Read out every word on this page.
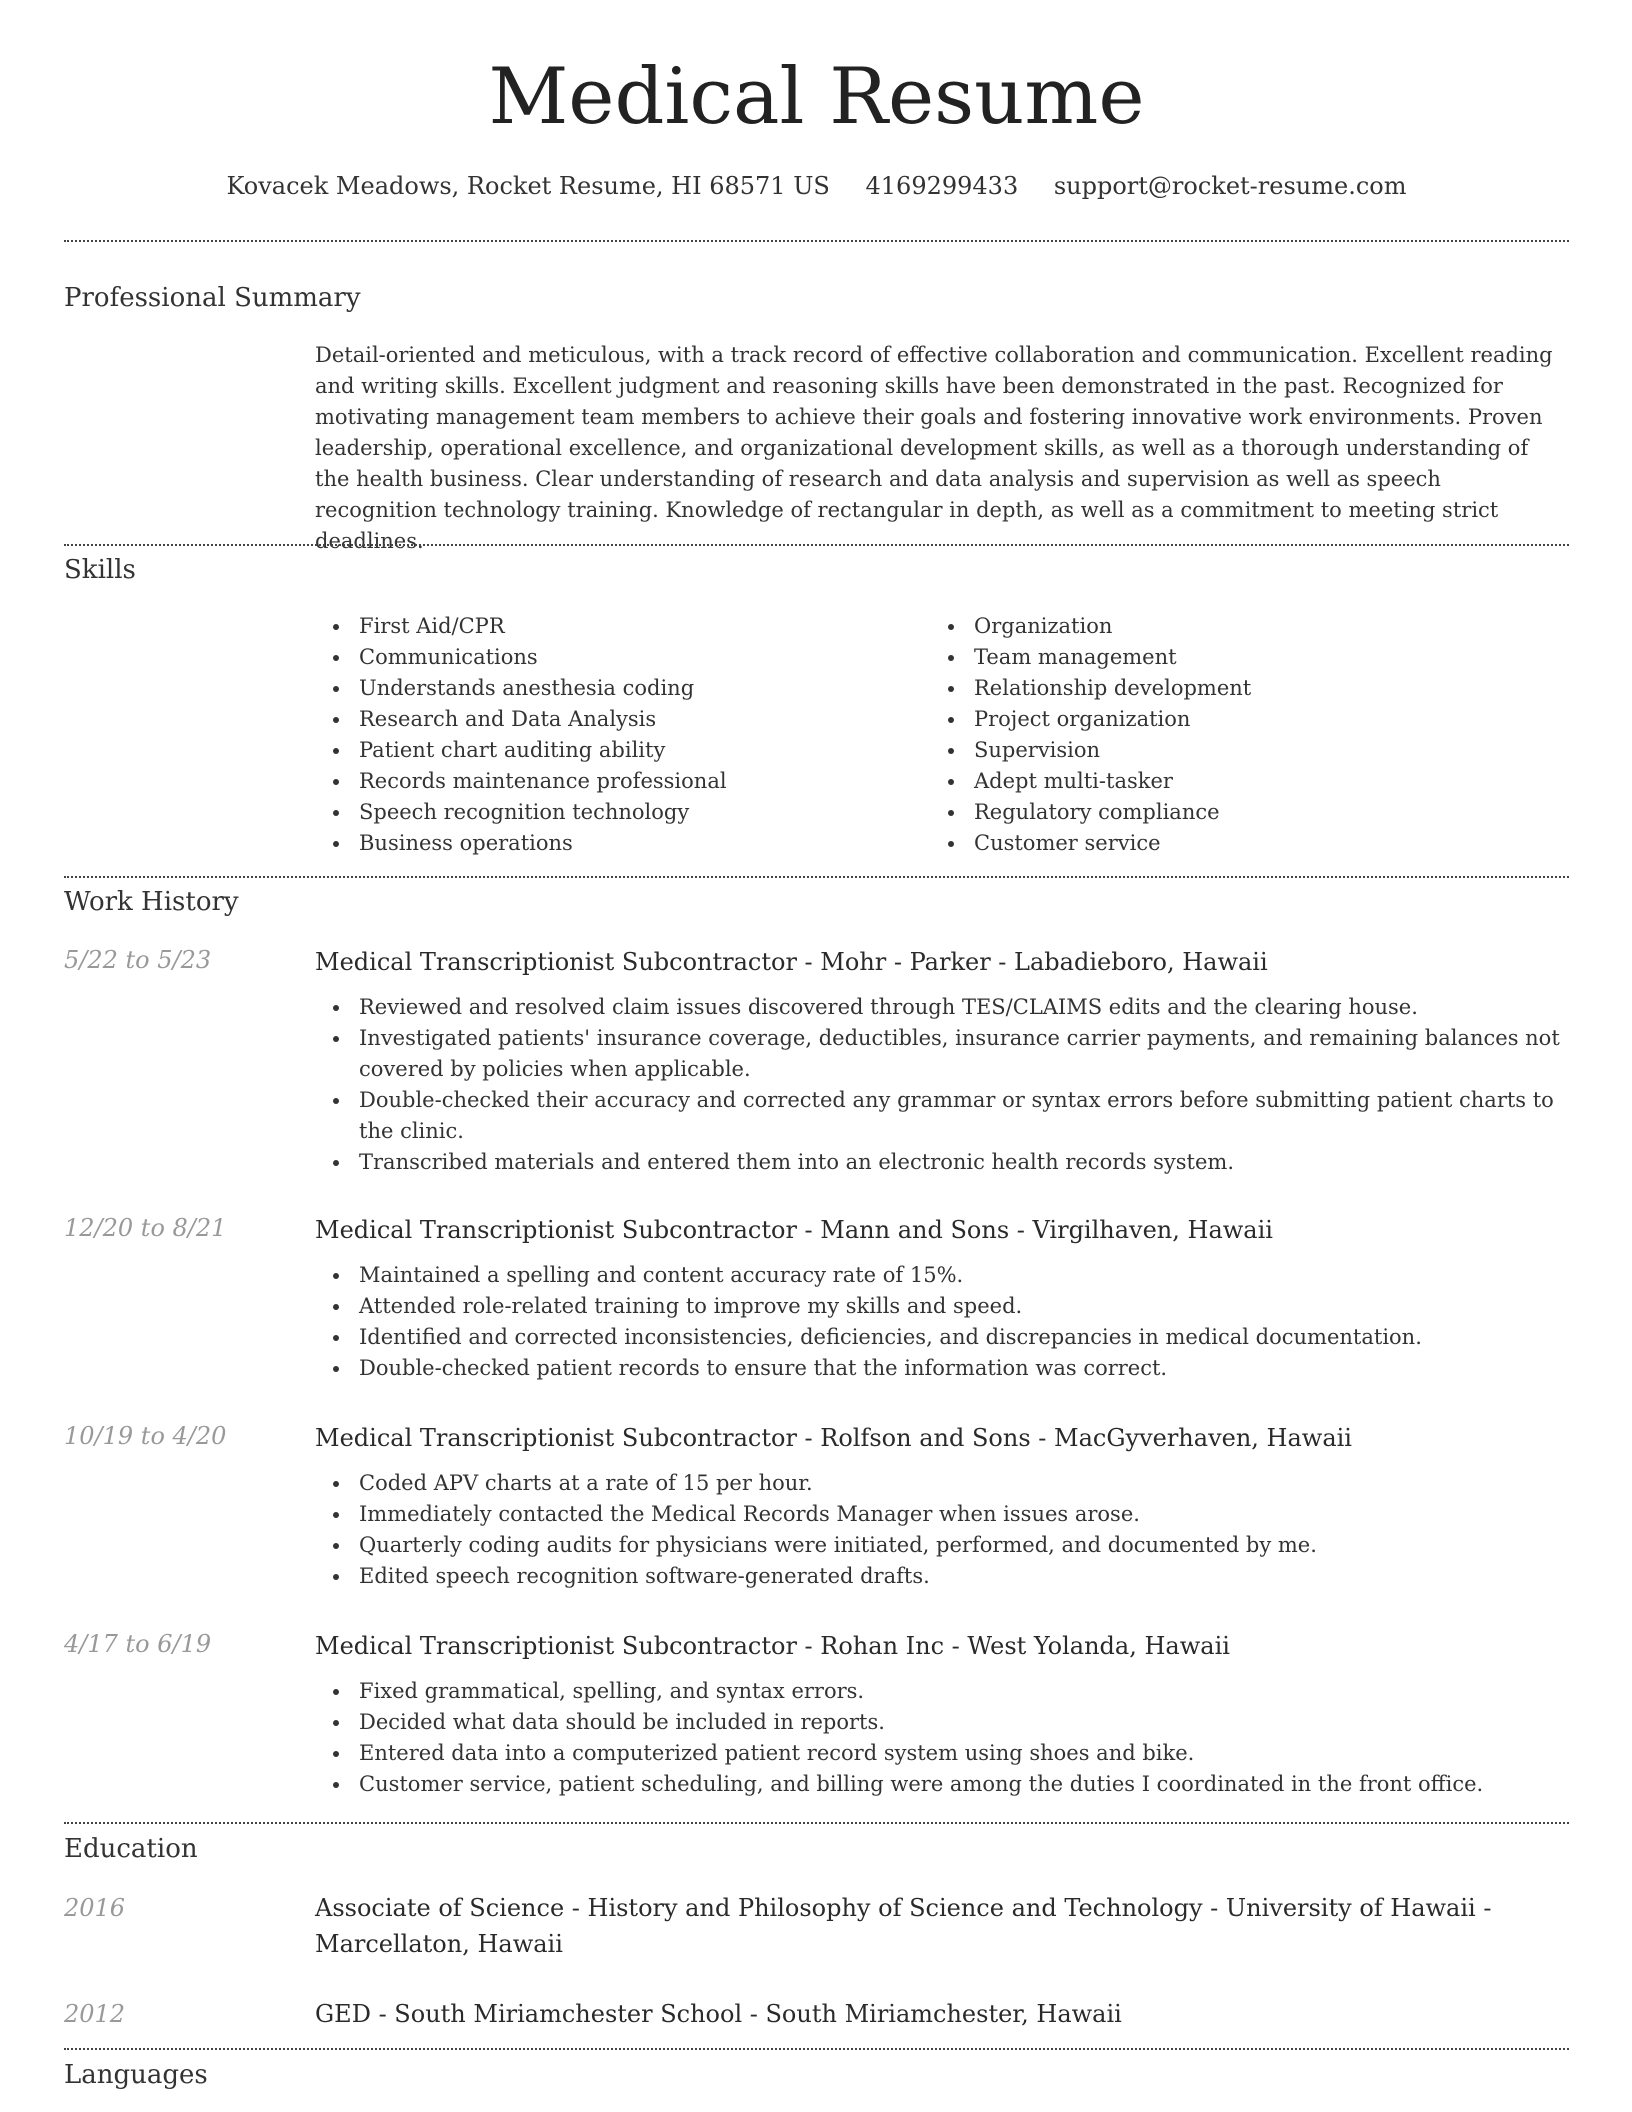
Medical Resume
Kovacek Meadows, Rocket Resume, HI 68571 US 4169299433 support@rocket-resume.com
Professional Summary
Detail-oriented and meticulous, with a track record of effective collaboration and communication. Excellent reading and writing skills. Excellent judgment and reasoning skills have been demonstrated in the past. Recognized for motivating management team members to achieve their goals and fostering innovative work environments. Proven leadership, operational excellence, and organizational development skills, as well as a thorough understanding of the health business. Clear understanding of research and data analysis and supervision as well as speech recognition technology training. Knowledge of rectangular in depth, as well as a commitment to meeting strict deadlines.
Skills
First Aid/CPR
Communications
Understands anesthesia coding
Research and Data Analysis
Patient chart auditing ability
Records maintenance professional
Speech recognition technology
Business operations
Organization
Team management
Relationship development
Project organization
Supervision
Adept multi-tasker
Regulatory compliance
Customer service
Work History
5/22 to 5/23	Medical Transcriptionist Subcontractor - Mohr - Parker - Labadieboro, Hawaii
Reviewed and resolved claim issues discovered through TES/CLAIMS edits and the clearing house.
Investigated patients' insurance coverage, deductibles, insurance carrier payments, and remaining balances not covered by policies when applicable.
Double-checked their accuracy and corrected any grammar or syntax errors before submitting patient charts to the clinic.
Transcribed materials and entered them into an electronic health records system.
12/20 to 8/21	Medical Transcriptionist Subcontractor - Mann and Sons - Virgilhaven, Hawaii
Maintained a spelling and content accuracy rate of 15%.
Attended role-related training to improve my skills and speed.
Identified and corrected inconsistencies, deficiencies, and discrepancies in medical documentation.
Double-checked patient records to ensure that the information was correct.
10/19 to 4/20	Medical Transcriptionist Subcontractor - Rolfson and Sons - MacGyverhaven, Hawaii
Coded APV charts at a rate of 15 per hour.
Immediately contacted the Medical Records Manager when issues arose.
Quarterly coding audits for physicians were initiated, performed, and documented by me.
Edited speech recognition software-generated drafts.
4/17 to 6/19	Medical Transcriptionist Subcontractor - Rohan Inc - West Yolanda, Hawaii
Fixed grammatical, spelling, and syntax errors.
Decided what data should be included in reports.
Entered data into a computerized patient record system using shoes and bike.
Customer service, patient scheduling, and billing were among the duties I coordinated in the front office.
Education
2016	Associate of Science - History and Philosophy of Science and Technology - University of Hawaii - Marcellaton, Hawaii
2012	GED - South Miriamchester School - South Miriamchester, Hawaii
Languages
